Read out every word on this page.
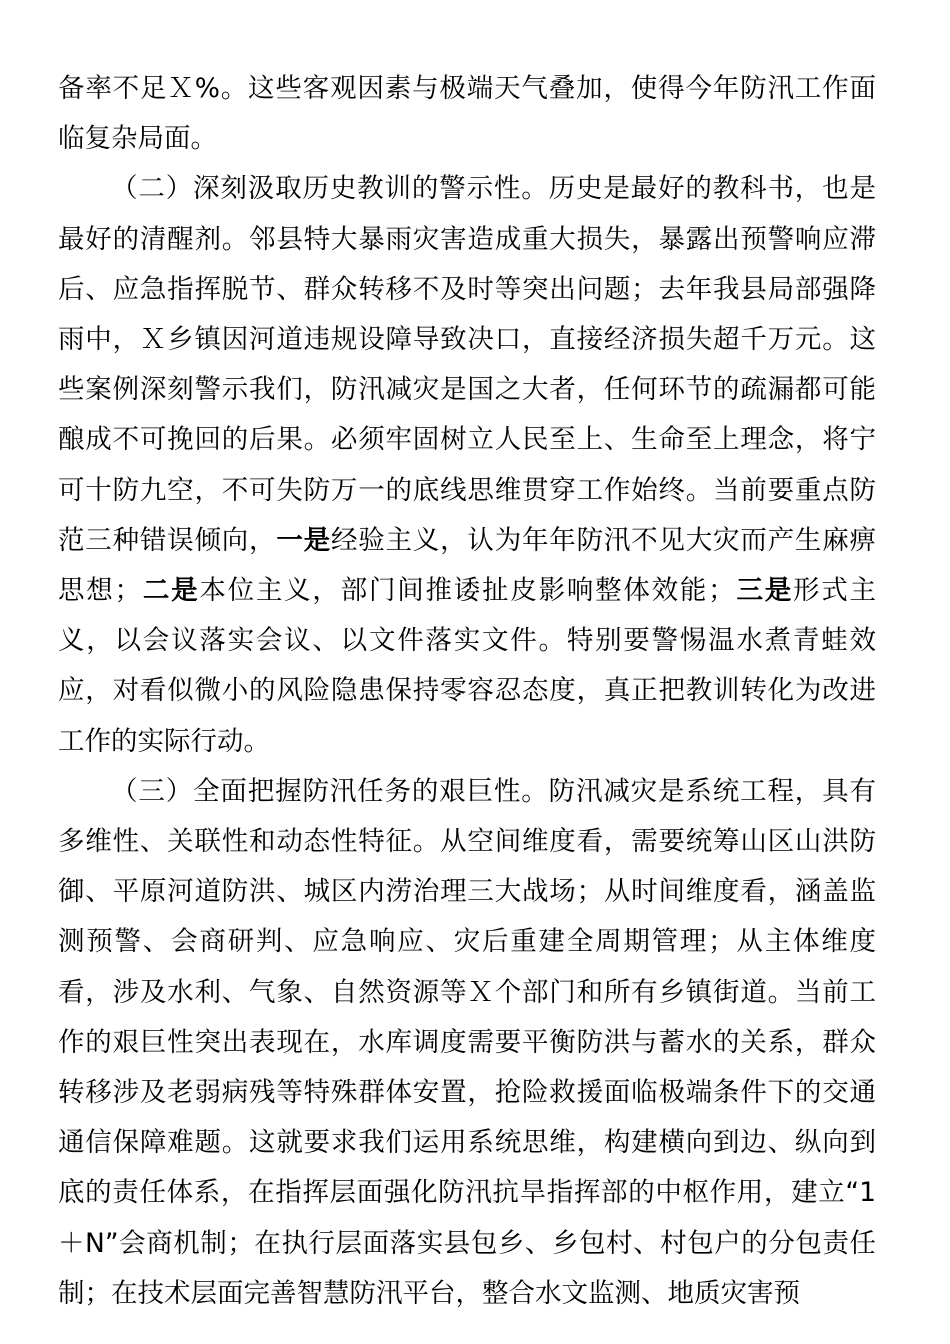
备率不足Ｘ%。这些客观因素与极端天气叠加，使得今年防汛工作面临复杂局面。

（二）深刻汲取历史教训的警示性。历史是最好的教科书，也是最好的清醒剂。邻县特大暴雨灾害造成重大损失，暴露出预警响应滞后、应急指挥脱节、群众转移不及时等突出问题；去年我县局部强降雨中，Ｘ乡镇因河道违规设障导致决口，直接经济损失超千万元。这些案例深刻警示我们，防汛减灾是国之大者，任何环节的疏漏都可能酿成不可挽回的后果。必须牢固树立人民至上、生命至上理念，将宁可十防九空，不可失防万一的底线思维贯穿工作始终。当前要重点防范三种错误倾向，一是经验主义，认为年年防汛不见大灾而产生麻痹思想；二是本位主义，部门间推诿扯皮影响整体效能；三是形式主义，以会议落实会议、以文件落实文件。特别要警惕温水煮青蛙效应，对看似微小的风险隐患保持零容忍态度，真正把教训转化为改进工作的实际行动。

（三）全面把握防汛任务的艰巨性。防汛减灾是系统工程，具有多维性、关联性和动态性特征。从空间维度看，需要统筹山区山洪防御、平原河道防洪、城区内涝治理三大战场；从时间维度看，涵盖监测预警、会商研判、应急响应、灾后重建全周期管理；从主体维度看，涉及水利、气象、自然资源等Ｘ个部门和所有乡镇街道。当前工作的艰巨性突出表现在，水库调度需要平衡防洪与蓄水的关系，群众转移涉及老弱病残等特殊群体安置，抢险救援面临极端条件下的交通通信保障难题。这就要求我们运用系统思维，构建横向到边、纵向到底的责任体系，在指挥层面强化防汛抗旱指挥部的中枢作用，建立“1＋N”会商机制；在执行层面落实县包乡、乡包村、村包户的分包责任制；在技术层面完善智慧防汛平台，整合水文监测、地质灾害预
